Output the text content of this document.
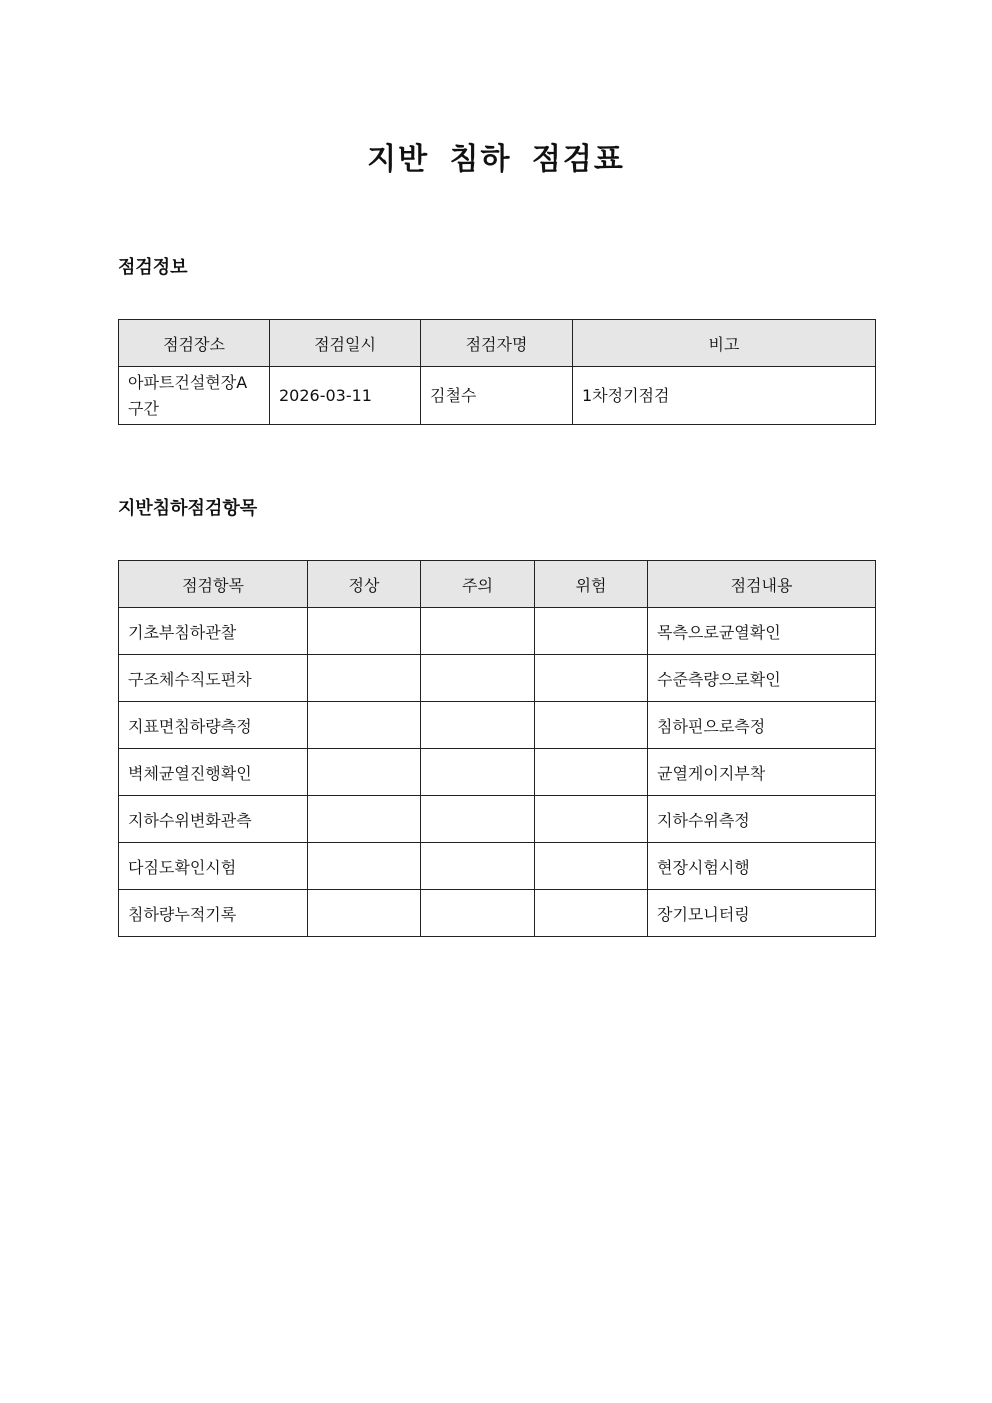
지반 침하 점검표
점검정보
점검장소	점검일시	점검자명	비고
아파트건설현장A구간	2026-03-11	김철수	1차정기점검
지반침하점검항목
점검항목	정상	주의	위험	점검내용
기초부침하관찰				목측으로균열확인
구조체수직도편차				수준측량으로확인
지표면침하량측정				침하핀으로측정
벽체균열진행확인				균열게이지부착
지하수위변화관측				지하수위측정
다짐도확인시험				현장시험시행
침하량누적기록				장기모니터링
